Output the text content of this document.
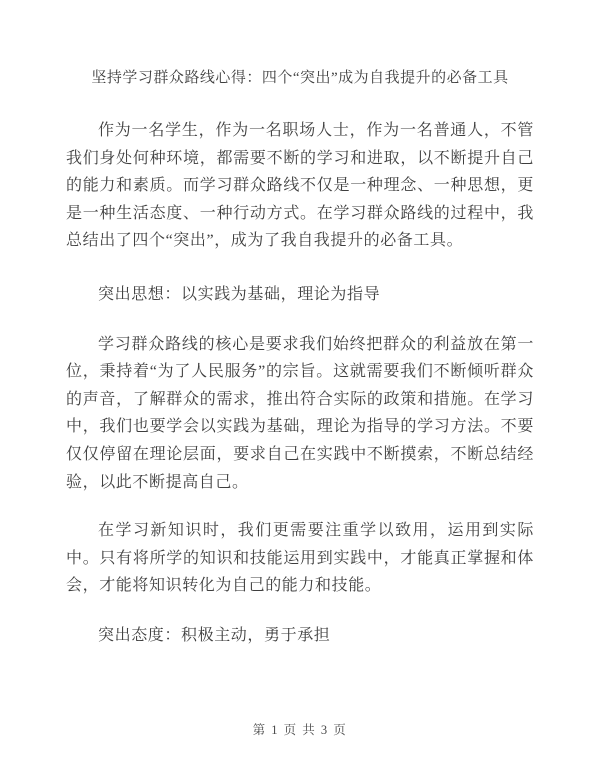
坚持学习群众路线心得：四个“突出”成为自我提升的必备工具

作为一名学生，作为一名职场人士，作为一名普通人，不管我们身处何种环境，都需要不断的学习和进取，以不断提升自己的能力和素质。而学习群众路线不仅是一种理念、一种思想，更是一种生活态度、一种行动方式。在学习群众路线的过程中，我总结出了四个“突出”，成为了我自我提升的必备工具。

突出思想：以实践为基础，理论为指导

学习群众路线的核心是要求我们始终把群众的利益放在第一位，秉持着“为了人民服务”的宗旨。这就需要我们不断倾听群众的声音，了解群众的需求，推出符合实际的政策和措施。在学习中，我们也要学会以实践为基础，理论为指导的学习方法。不要仅仅停留在理论层面，要求自己在实践中不断摸索，不断总结经验，以此不断提高自己。

在学习新知识时，我们更需要注重学以致用，运用到实际中。只有将所学的知识和技能运用到实践中，才能真正掌握和体会，才能将知识转化为自己的能力和技能。

突出态度：积极主动，勇于承担

第 1 页 共 3 页
